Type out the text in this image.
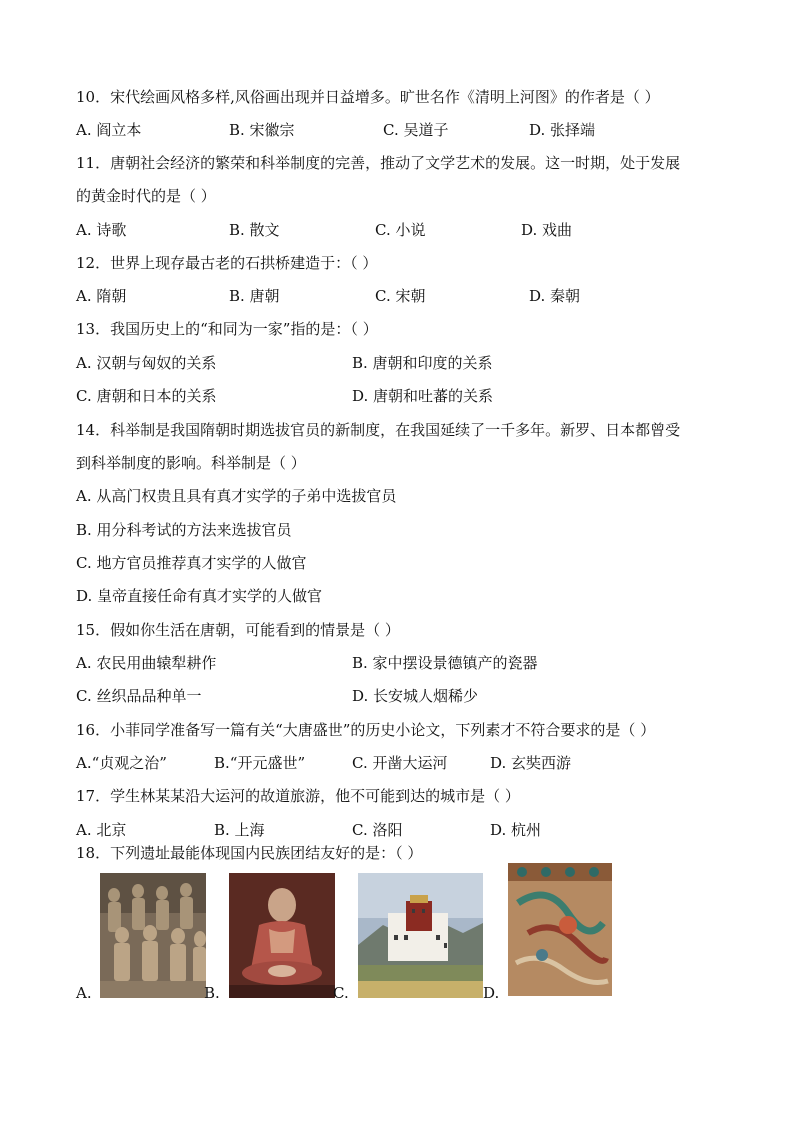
10．宋代绘画风格多样,风俗画出现并日益增多。旷世名作《清明上河图》的作者是（ ）
A. 阎立本	B. 宋徽宗	C. 吴道子	D. 张择端
11．唐朝社会经济的繁荣和科举制度的完善，推动了文学艺术的发展。这一时期，处于发展
的黄金时代的是（ ）
A. 诗歌	B. 散文	C. 小说	D. 戏曲
12．世界上现存最古老的石拱桥建造于：（ ）
A. 隋朝	B. 唐朝	C. 宋朝	D. 秦朝
13．我国历史上的“和同为一家”指的是：（ ）
A. 汉朝与匈奴的关系	B. 唐朝和印度的关系
C. 唐朝和日本的关系	D. 唐朝和吐蕃的关系
14．科举制是我国隋朝时期选拔官员的新制度，在我国延续了一千多年。新罗、日本都曾受
到科举制度的影响。科举制是（ ）
A. 从高门权贵且具有真才实学的子弟中选拔官员
B. 用分科考试的方法来选拔官员
C. 地方官员推荐真才实学的人做官
D. 皇帝直接任命有真才实学的人做官
15．假如你生活在唐朝，可能看到的情景是（ ）
A. 农民用曲辕犁耕作	B. 家中摆设景德镇产的瓷器
C. 丝织品品种单一	D. 长安城人烟稀少
16．小菲同学准备写一篇有关“大唐盛世”的历史小论文，下列素才不符合要求的是（ ）
A.“贞观之治”	B.“开元盛世”	C. 开凿大运河	D. 玄奘西游
17．学生林某某沿大运河的故道旅游，他不可能到达的城市是（ ）
A. 北京	B. 上海	C. 洛阳	D. 杭州
18．下列遗址最能体现国内民族团结友好的是：（ ）
A.	B.	C.	D.
